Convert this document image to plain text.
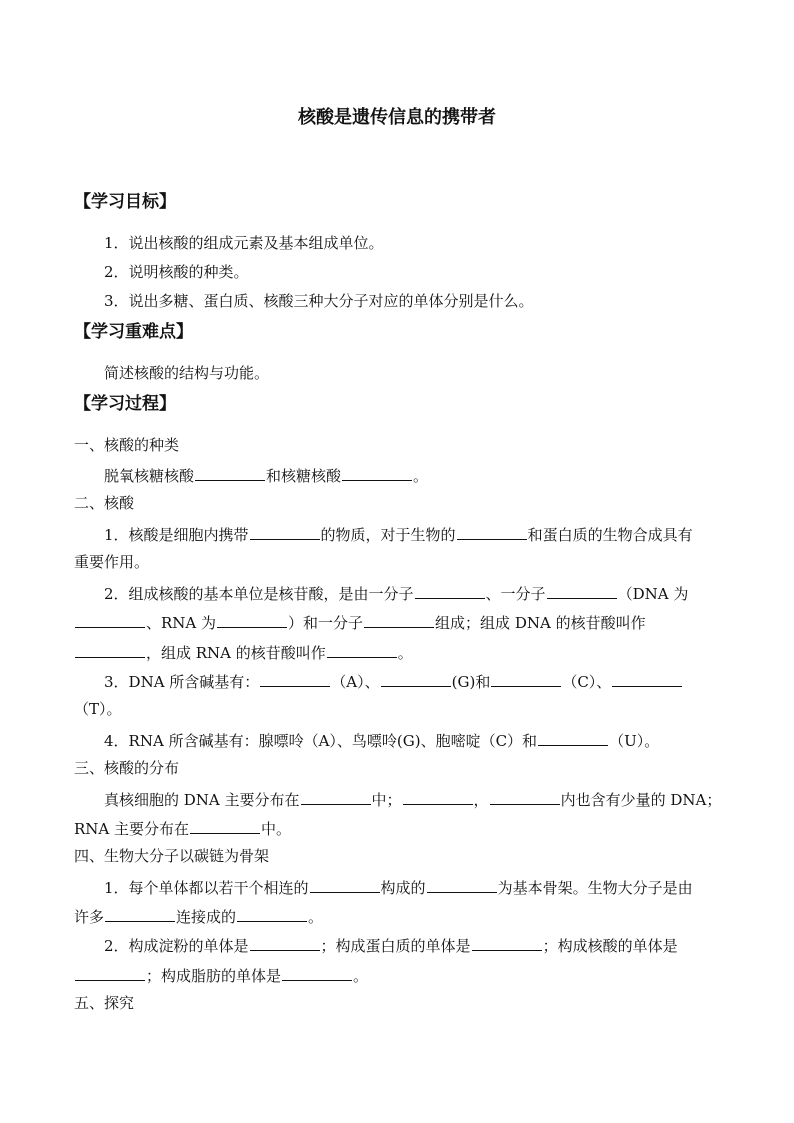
核酸是遗传信息的携带者
【学习目标】
1．说出核酸的组成元素及基本组成单位。
2．说明核酸的种类。
3．说出多糖、蛋白质、核酸三种大分子对应的单体分别是什么。
【学习重难点】
简述核酸的结构与功能。
【学习过程】
一、核酸的种类
脱氧核糖核酸	和核糖核酸	。
二、核酸
1．核酸是细胞内携带	的物质，对于生物的	和蛋白质的生物合成具有
重要作用。
2．组成核酸的基本单位是核苷酸，是由一分子	、一分子	（DNA 为
、RNA 为	）和一分子	组成；组成 DNA 的核苷酸叫作
，组成 RNA 的核苷酸叫作	。
3．DNA 所含碱基有：	（A）、	(G)和	（C）、
（T）。
4．RNA 所含碱基有：腺嘌呤（A）、鸟嘌呤(G)、胞嘧啶（C）和	（U）。
三、核酸的分布
真核细胞的 DNA 主要分布在	中；	，	内也含有少量的 DNA；
RNA 主要分布在	中。
四、生物大分子以碳链为骨架
1．每个单体都以若干个相连的	构成的	为基本骨架。生物大分子是由
许多	连接成的	。
2．构成淀粉的单体是	；构成蛋白质的单体是	；构成核酸的单体是
；构成脂肪的单体是	。
五、探究
